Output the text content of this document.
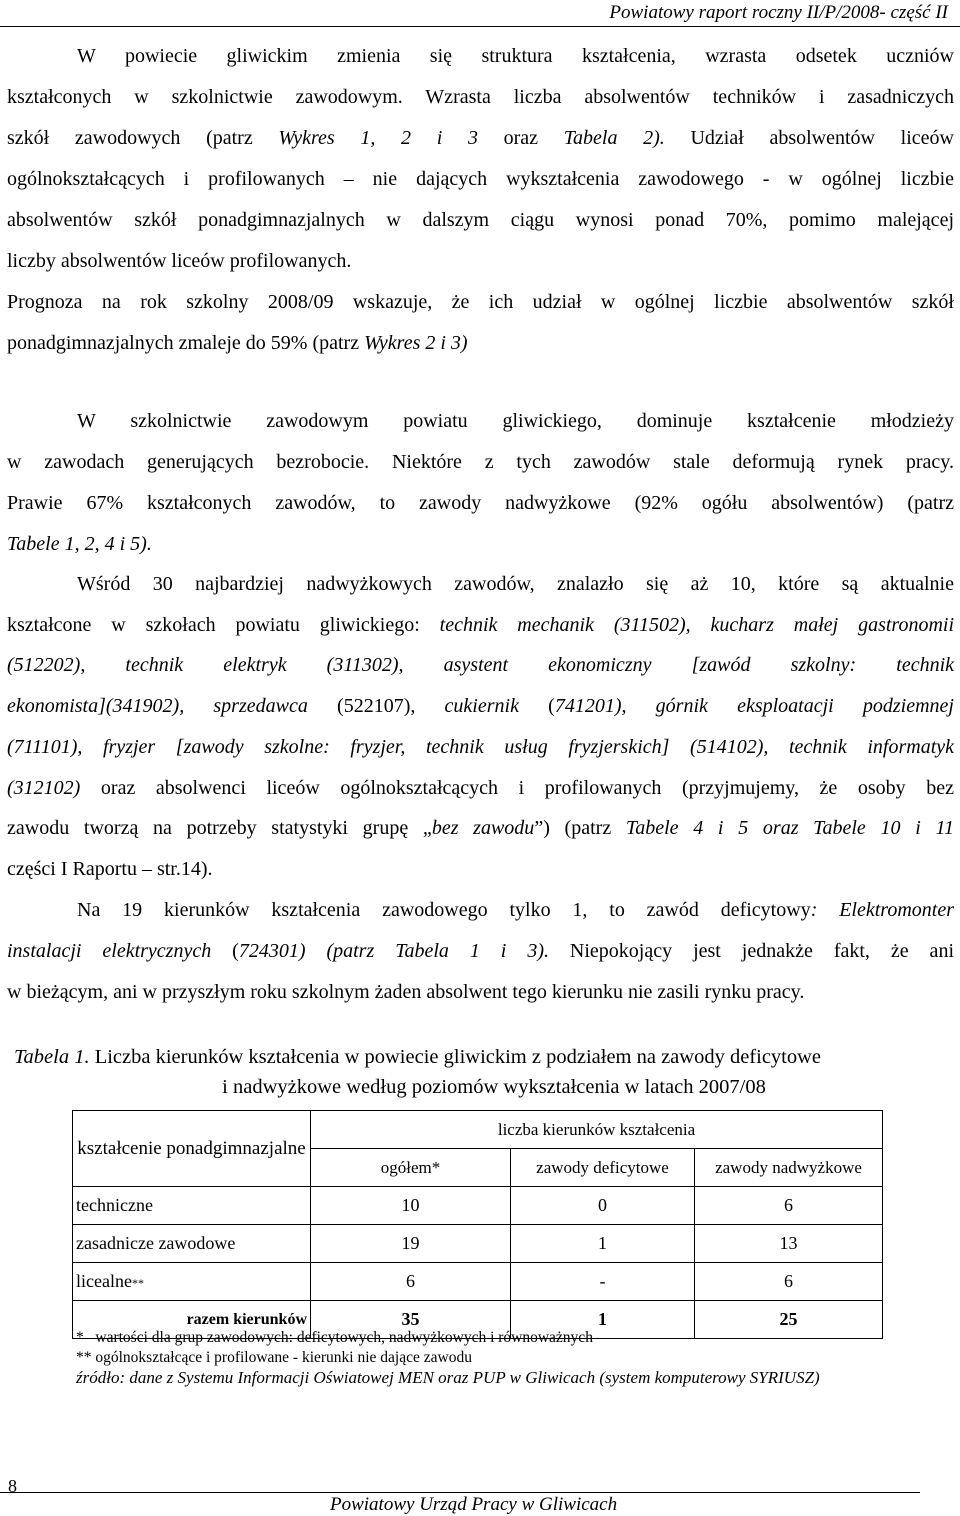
Powiatowy raport roczny II/P/2008- część II
W powiecie gliwickim zmienia się struktura kształcenia, wzrasta odsetek uczniów
kształconych w szkolnictwie zawodowym. Wzrasta liczba absolwentów techników i zasadniczych
szkół zawodowych (patrz Wykres 1, 2 i 3 oraz Tabela 2). Udział absolwentów liceów
ogólnokształcących i profilowanych – nie dających wykształcenia zawodowego - w ogólnej liczbie
absolwentów szkół ponadgimnazjalnych w dalszym ciągu wynosi ponad 70%, pomimo malejącej
liczby absolwentów liceów profilowanych.
Prognoza na rok szkolny 2008/09 wskazuje, że ich udział w ogólnej liczbie absolwentów szkół
ponadgimnazjalnych zmaleje do 59% (patrz Wykres 2 i 3)
W szkolnictwie zawodowym powiatu gliwickiego, dominuje kształcenie młodzieży
w zawodach generujących bezrobocie. Niektóre z tych zawodów stale deformują rynek pracy.
Prawie 67% kształconych zawodów, to zawody nadwyżkowe (92% ogółu absolwentów) (patrz
Tabele 1, 2, 4 i 5).
Wśród 30 najbardziej nadwyżkowych zawodów, znalazło się aż 10, które są aktualnie
kształcone w szkołach powiatu gliwickiego: technik mechanik (311502), kucharz małej gastronomii
(512202), technik elektryk (311302), asystent ekonomiczny [zawód szkolny: technik
ekonomista](341902), sprzedawca (522107), cukiernik (741201), górnik eksploatacji podziemnej
(711101), fryzjer [zawody szkolne: fryzjer, technik usług fryzjerskich] (514102), technik informatyk
(312102) oraz absolwenci liceów ogólnokształcących i profilowanych (przyjmujemy, że osoby bez
zawodu tworzą na potrzeby statystyki grupę „bez zawodu”) (patrz Tabele 4 i 5 oraz Tabele 10 i 11
części I Raportu – str.14).
Na 19 kierunków kształcenia zawodowego tylko 1, to zawód deficytowy: Elektromonter
instalacji elektrycznych (724301) (patrz Tabela 1 i 3). Niepokojący jest jednakże fakt, że ani
w bieżącym, ani w przyszłym roku szkolnym żaden absolwent tego kierunku nie zasili rynku pracy.
Tabela 1. Liczba kierunków kształcenia w powiecie gliwickim z podziałem na zawody deficytowe
i nadwyżkowe według poziomów wykształcenia w latach 2007/08
kształcenie ponadgimnazjalne	liczba kierunków kształcenia		
	ogółem*	zawody deficytowe	zawody nadwyżkowe
techniczne	10	0	6
zasadnicze zawodowe	19	1	13
licealne**	6	-	6
razem kierunków	35	1	25
*   wartości dla grup zawodowych: deficytowych, nadwyżkowych i równoważnych
** ogólnokształcące i profilowane - kierunki nie dające zawodu
źródło: dane z Systemu Informacji Oświatowej MEN oraz PUP w Gliwicach (system komputerowy SYRIUSZ)
8
Powiatowy Urząd Pracy w Gliwicach
